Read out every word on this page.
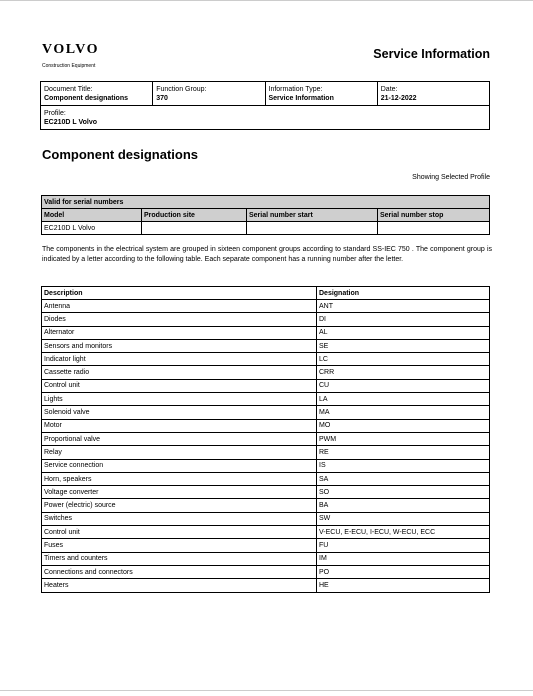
VOLVO
Construction Equipment
Service Information
Document Title:
Component designations	
Function Group:
370	
Information Type:
Service Information	
Date:
21-12-2022

Profile:
EC210D L Volvo
Component designations
Showing Selected Profile
Valid for serial numbers			
Model	Production site	Serial number start	Serial number stop
EC210D L Volvo			
The components in the electrical system are grouped in sixteen component groups according to standard SS-IEC 750 . The component group is indicated by a letter according to the following table. Each separate component has a running number after the letter.
Description	Designation
Antenna	ANT
Diodes	DI
Alternator	AL
Sensors and monitors	SE
Indicator light	LC
Cassette radio	CRR
Control unit	CU
Lights	LA
Solenoid valve	MA
Motor	MO
Proportional valve	PWM
Relay	RE
Service connection	IS
Horn, speakers	SA
Voltage converter	SO
Power (electric) source	BA
Switches	SW
Control unit	V-ECU, E-ECU, I-ECU, W-ECU, ECC
Fuses	FU
Timers and counters	IM
Connections and connectors	PO
Heaters	HE
